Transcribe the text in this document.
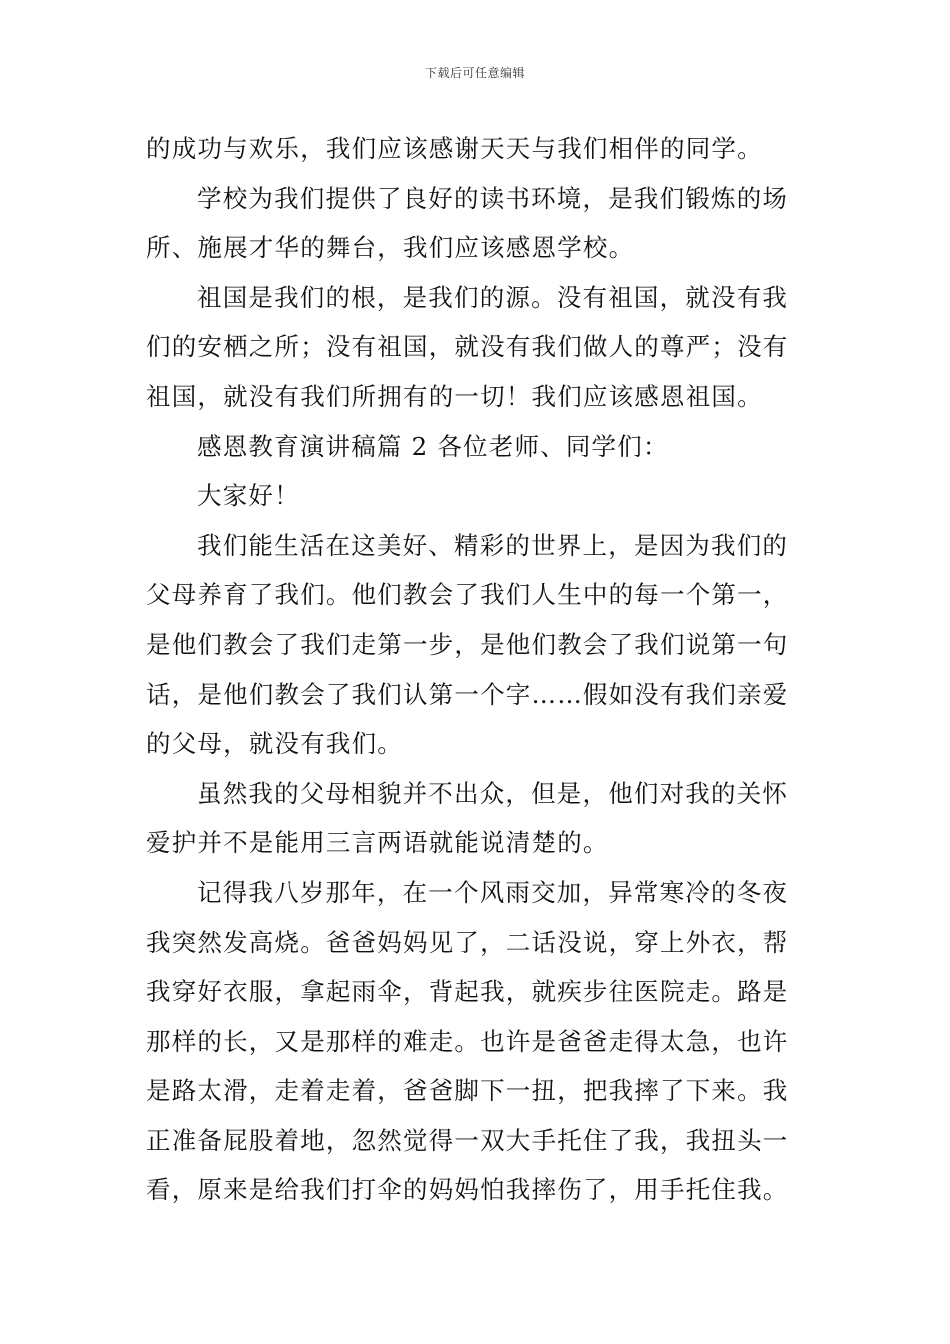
下载后可任意编辑
的成功与欢乐，我们应该感谢天天与我们相伴的同学。
学校为我们提供了良好的读书环境，是我们锻炼的场
所、施展才华的舞台，我们应该感恩学校。
祖国是我们的根，是我们的源。没有祖国，就没有我
们的安栖之所；没有祖国，就没有我们做人的尊严；没有
祖国，就没有我们所拥有的一切！我们应该感恩祖国。
感恩教育演讲稿篇 2 各位老师、同学们：
大家好！
我们能生活在这美好、精彩的世界上，是因为我们的
父母养育了我们。他们教会了我们人生中的每一个第一，
是他们教会了我们走第一步，是他们教会了我们说第一句
话，是他们教会了我们认第一个字……假如没有我们亲爱
的父母，就没有我们。
虽然我的父母相貌并不出众，但是，他们对我的关怀
爱护并不是能用三言两语就能说清楚的。
记得我八岁那年，在一个风雨交加，异常寒冷的冬夜
我突然发高烧。爸爸妈妈见了，二话没说，穿上外衣，帮
我穿好衣服，拿起雨伞，背起我，就疾步往医院走。路是
那样的长，又是那样的难走。也许是爸爸走得太急，也许
是路太滑，走着走着，爸爸脚下一扭，把我摔了下来。我
正准备屁股着地，忽然觉得一双大手托住了我，我扭头一
看，原来是给我们打伞的妈妈怕我摔伤了，用手托住我。
